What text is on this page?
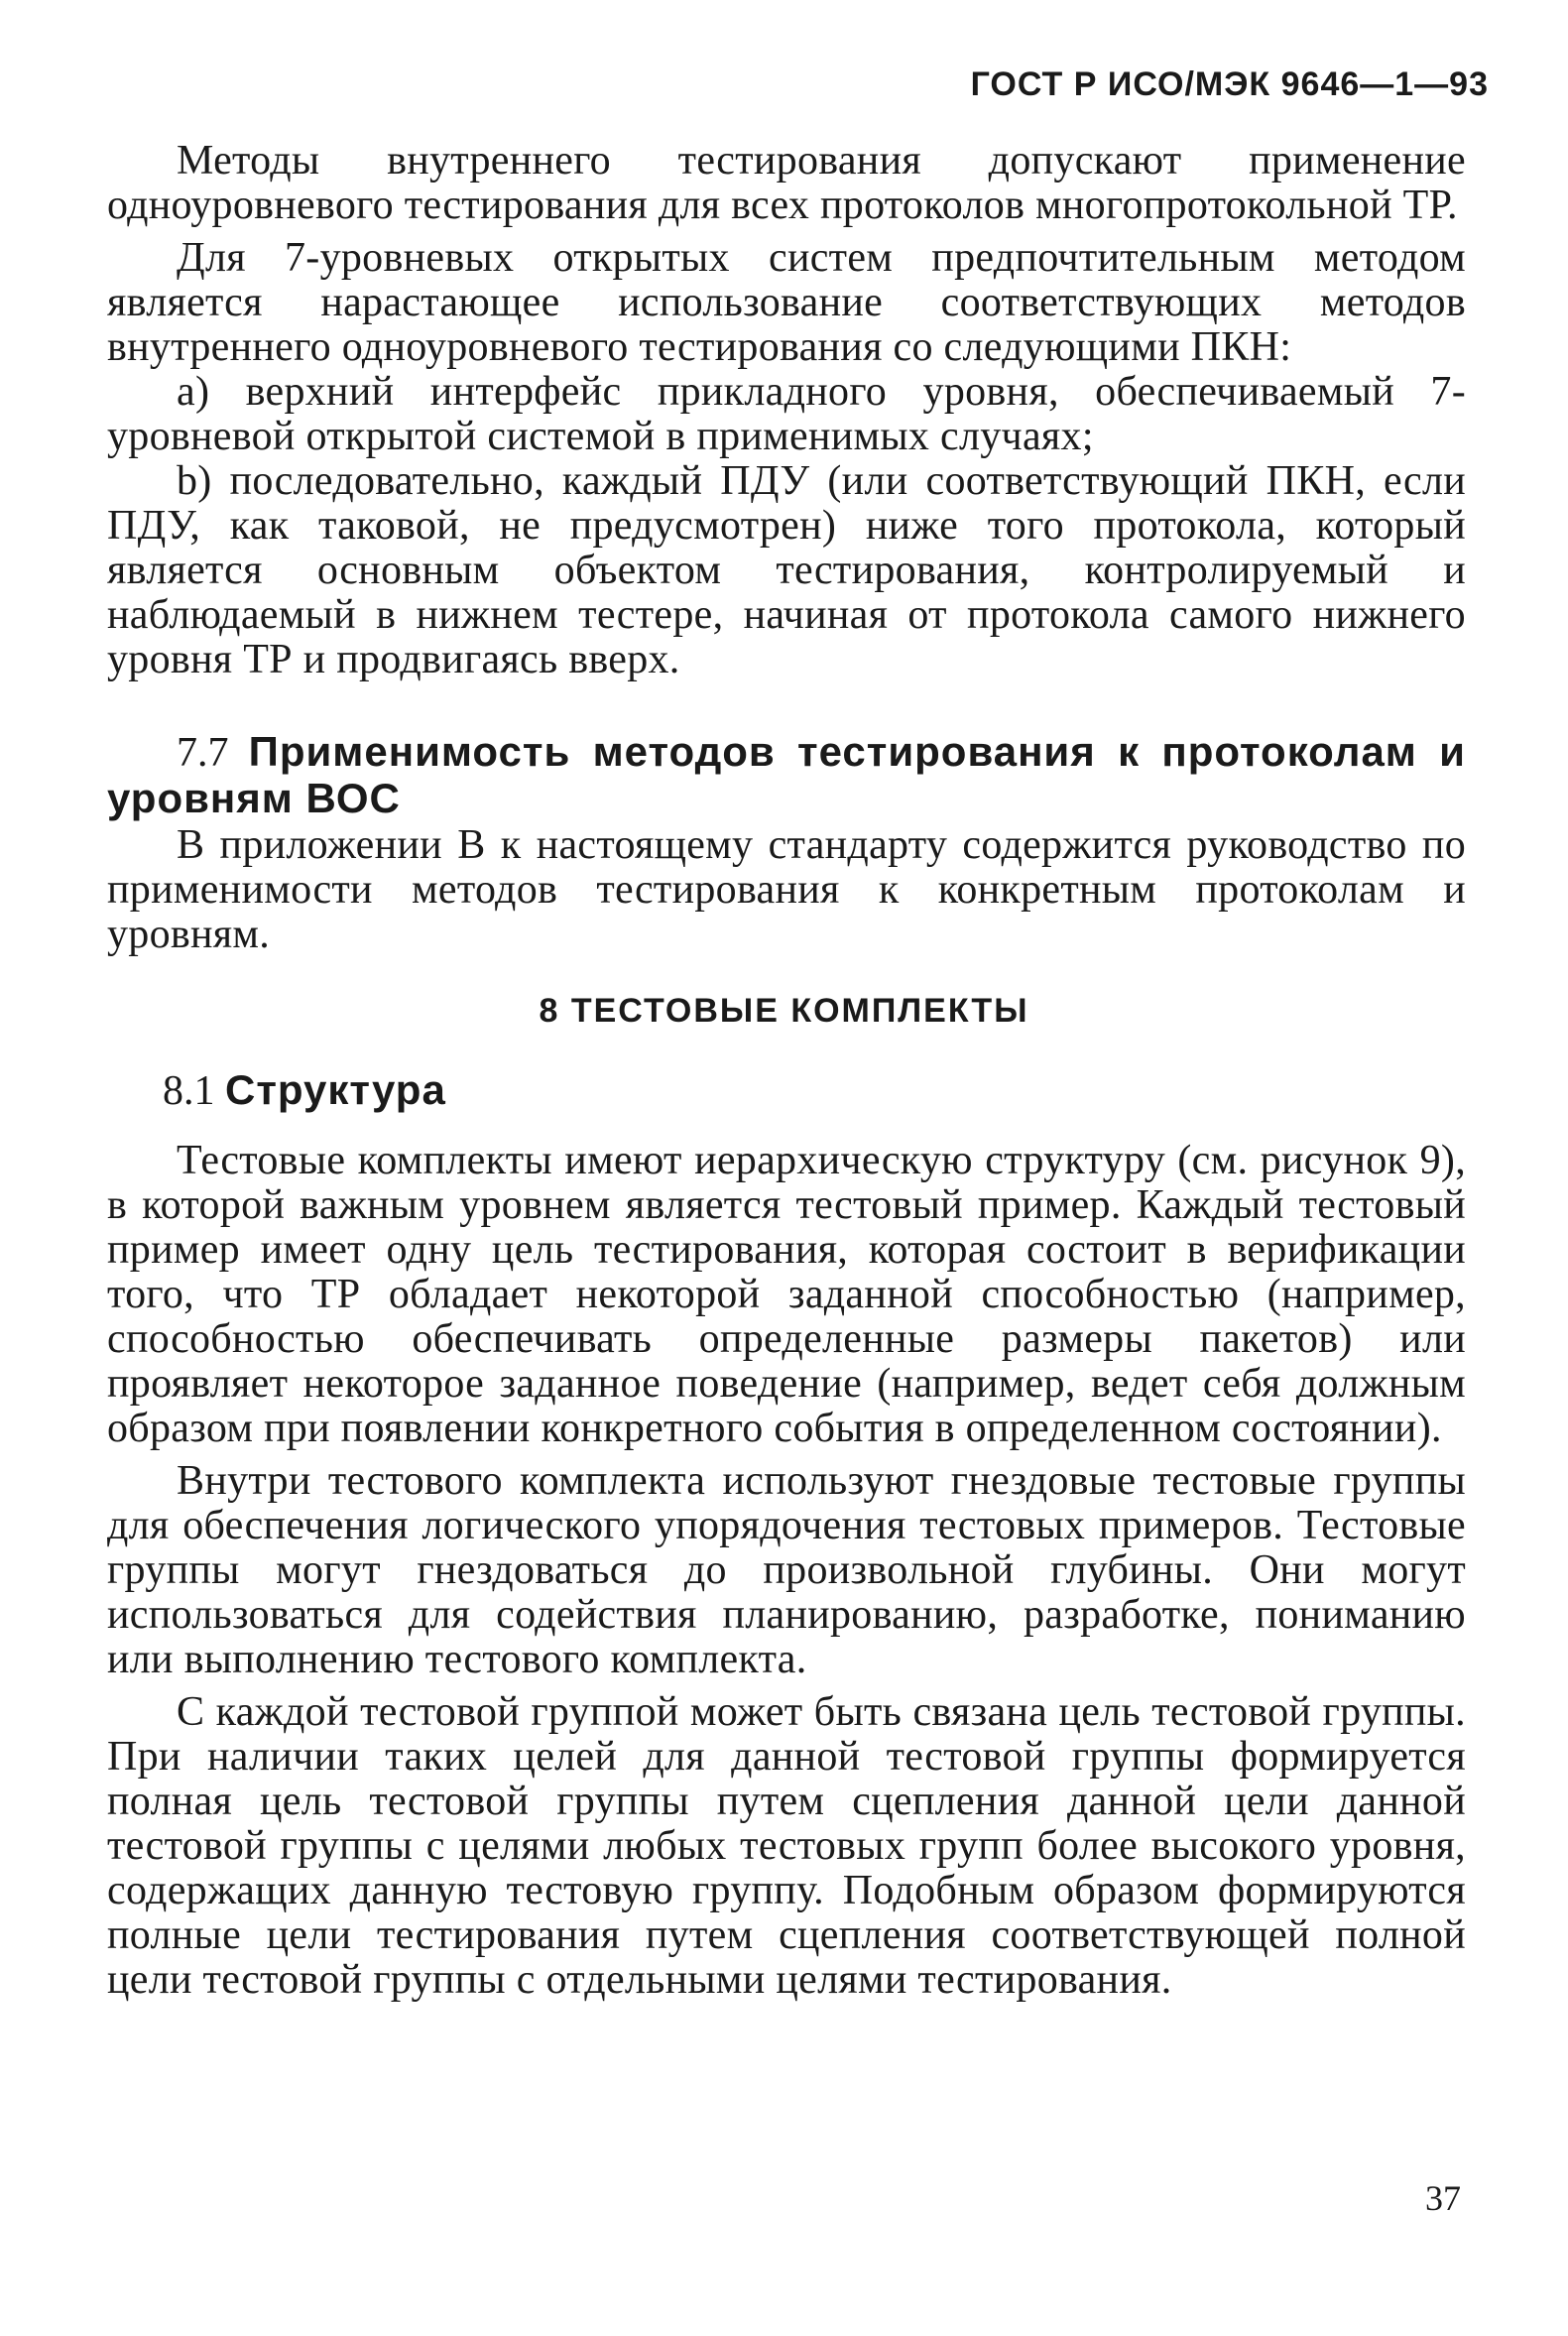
ГОСТ Р ИСО/МЭК 9646—1—93

Методы внутреннего тестирования допускают применение одноуровневого тестирования для всех протоколов многопротокольной ТР.

Для 7-уровневых открытых систем предпочтительным методом является нарастающее использование соответствующих методов внутреннего одноуровневого тестирования со следующими ПКН:

a) верхний интерфейс прикладного уровня, обеспечиваемый 7-уровневой открытой системой в применимых случаях;

b) последовательно, каждый ПДУ (или соответствующий ПКН, если ПДУ, как таковой, не предусмотрен) ниже того протокола, который является основным объектом тестирования, контролируемый и наблюдаемый в нижнем тестере, начиная от протокола самого нижнего уровня ТР и продвигаясь вверх.

7.7 Применимость методов тестирования к протоколам и уровням ВОС

В приложении В к настоящему стандарту содержится руководство по применимости методов тестирования к конкретным протоколам и уровням.

8 ТЕСТОВЫЕ КОМПЛЕКТЫ
8.1 Структура

Тестовые комплекты имеют иерархическую структуру (см. рисунок 9), в которой важным уровнем является тестовый пример. Каждый тестовый пример имеет одну цель тестирования, которая состоит в верификации того, что ТР обладает некоторой заданной способностью (например, способностью обеспечивать определенные размеры пакетов) или проявляет некоторое заданное поведение (например, ведет себя должным образом при появлении конкретного события в определенном состоянии).

Внутри тестового комплекта используют гнездовые тестовые группы для обеспечения логического упорядочения тестовых примеров. Тестовые группы могут гнездоваться до произвольной глубины. Они могут использоваться для содействия планированию, разработке, пониманию или выполнению тестового комплекта.

С каждой тестовой группой может быть связана цель тестовой группы. При наличии таких целей для данной тестовой группы формируется полная цель тестовой группы путем сцепления данной цели данной тестовой группы с целями любых тестовых групп более высокого уровня, содержащих данную тестовую группу. Подобным образом формируются полные цели тестирования путем сцепления соответствующей полной цели тестовой группы с отдельными целями тестирования.

37
